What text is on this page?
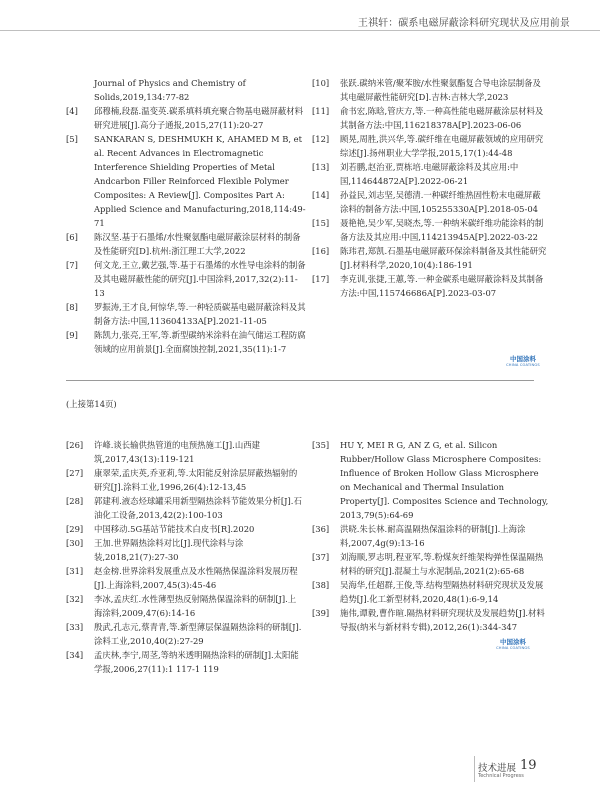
王祺轩：碳系电磁屏蔽涂料研究现状及应用前景
Journal of Physics and Chemistry of Solids,2019,134:77-82
[4]	邱穆楠,段磊.温变英.碳系填料填充聚合物基电磁屏蔽材料研究进展[J].高分子通报,2015,27(11):20-27
[5]	SANKARAN S, DESHMUKH K, AHAMED M B, et al. Recent Advances in Electromagnetic Interference Shielding Properties of Metal Andcarbon Filler Reinforced Flexible Polymer Composites: A Review[J]. Composites Part A: Applied Science and Manufacturing,2018,114:49-71
[6]	陈汉坚.基于石墨烯/水性聚氨酯电磁屏蔽涂层材料的制备及性能研究[D].杭州:浙江理工大学,2022
[7]	何文龙,王立,戴艺强,等.基于石墨烯的水性导电涂料的制备及其电磁屏蔽性能的研究[J].中国涂料,2017,32(2):11-13
[8]	罗振涛,王才良,何惊华,等.一种轻质碳基电磁屏蔽涂料及其制备方法:中国,113604133A[P].2021-11-05
[9]	陈凯力,张亮,王军,等.新型碳纳米涂料在油气储运工程防腐领域的应用前景[J].全面腐蚀控制,2021,35(11):1-7
[10]	张跃.碳纳米管/聚苯胺/水性聚氨酯复合导电涂层制备及其电磁屏蔽性能研究[D].吉林:吉林大学,2023
[11]	俞书宏,陈晗,管庆方,等.一种高性能电磁屏蔽涂层材料及其制备方法:中国,116218378A[P].2023-06-06
[12]	顾晃,周胜,洪兴华,等.碳纤维在电磁屏蔽领域的应用研究综述[J].扬州职业大学学报,2015,17(1):44-48
[13]	刘若鹏,赵治亚,贾栋培.电磁屏蔽涂料及其应用:中国,114644872A[P].2022-06-21
[14]	孙益民,刘志坚,吴德清.一种碳纤维热固性粉末电磁屏蔽涂料的制备方法:中国,105255330A[P].2018-05-04
[15]	聂艳艳,吴少军,吴晓杰,等.一种纳米碳纤维功能涂料的制备方法及其应用:中国,114213945A[P].2022-03-22
[16]	陈玮君,郑凯.石墨基电磁屏蔽环保涂料制备及其性能研究[J].材料科学,2020,10(4):186-191
[17]	李克训,张捷,王蕙,等.一种金碳系电磁屏蔽涂料及其制备方法:中国,115746686A[P].2023-03-07
中国涂料
CHINA COATINGS
(上接第14页)
[26]	许峰.谈长输供热管道的电预热施工[J].山西建筑,2017,43(13):119-121
[27]	康翠荣,孟庆英,乔亚莉,等.太阳能反射涂层屏蔽热辐射的研究[J].涂料工业,1996,26(4):12-13,45
[28]	郭建利.液态烃球罐采用新型隔热涂料节能效果分析[J].石油化工设备,2013,42(2):100-103
[29]	中国移动.5G基站节能技术白皮书[R].2020
[30]	王加.世界隔热涂料对比[J].现代涂料与涂装,2018,21(7):27-30
[31]	赵金榜.世界涂料发展重点及水性隔热保温涂料发展历程[J].上海涂料,2007,45(3):45-46
[32]	李冰,孟庆红.水性薄型热反射隔热保温涂料的研制[J].上海涂料,2009,47(6):14-16
[33]	殷武,孔志元,蔡青青,等.新型薄层保温隔热涂料的研制[J].涂料工业,2010,40(2):27-29
[34]	孟庆林,李宁,周茎,等纳米透明隔热涂料的研制[J].太阳能学报,2006,27(11):1 117-1 119
[35]	HU Y, MEI R G, AN Z G, et al. Silicon Rubber/Hollow Glass Microsphere Composites: Influence of Broken Hollow Glass Microsphere on Mechanical and Thermal Insulation Property[J]. Composites Science and Technology, 2013,79(5):64-69
[36]	洪晓.朱长林.耐高温隔热保温涂料的研制[J].上海涂料,2007,4g(9):13-16
[37]	刘海顺,罗志明,程亚军,等.粉煤灰纤维架构弹性保温隔热材料的研究[J].混凝土与水泥制品,2021(2):65-68
[38]	吴海华,任超群,王俊,等.结构型隔热材料研究现状及发展趋势[J].化工新型材料,2020,48(1):6-9,14
[39]	施伟,谭毅,曹作暄.隔热材料研究现状及发展趋势[J].材料导报(纳米与新材料专辑),2012,26(1):344-347
中国涂料
CHINA COATINGS
技术进展
Technical Progress
19
